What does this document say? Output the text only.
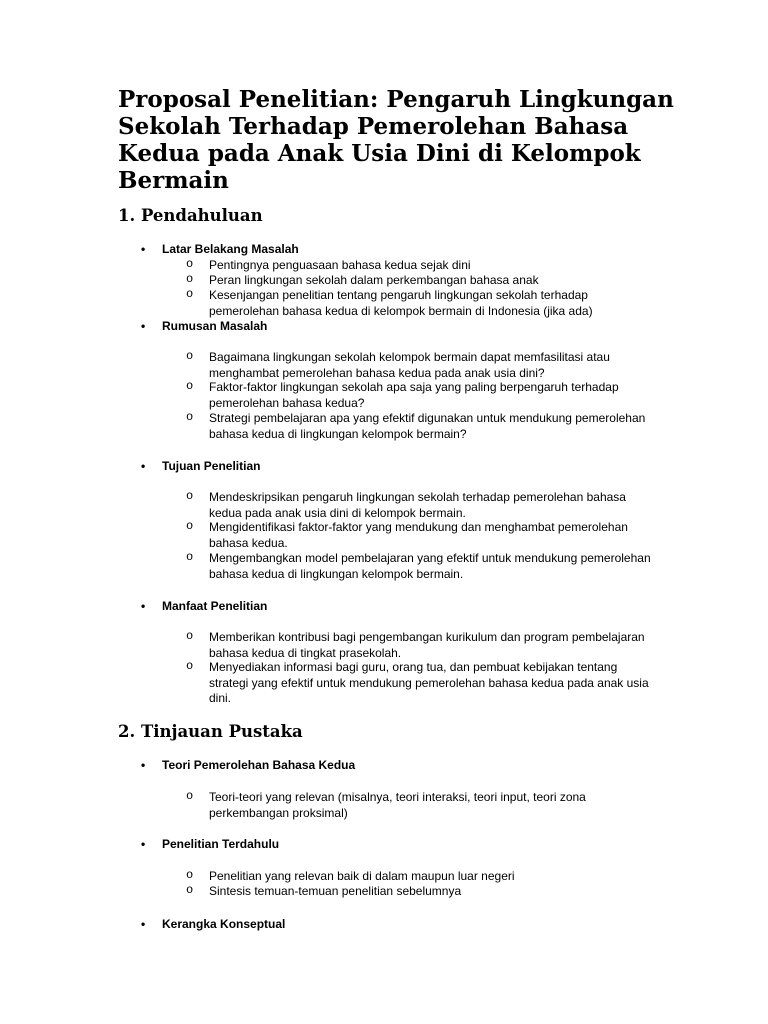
Proposal Penelitian: Pengaruh Lingkungan Sekolah Terhadap Pemerolehan Bahasa Kedua pada Anak Usia Dini di Kelompok Bermain
1. Pendahuluan

• Latar Belakang Masalah

o Pentingnya penguasaan bahasa kedua sejak dini

o Peran lingkungan sekolah dalam perkembangan bahasa anak

o Kesenjangan penelitian tentang pengaruh lingkungan sekolah terhadap pemerolehan bahasa kedua di kelompok bermain di Indonesia (jika ada)

• Rumusan Masalah

o Bagaimana lingkungan sekolah kelompok bermain dapat memfasilitasi atau menghambat pemerolehan bahasa kedua pada anak usia dini?

o Faktor-faktor lingkungan sekolah apa saja yang paling berpengaruh terhadap pemerolehan bahasa kedua?

o Strategi pembelajaran apa yang efektif digunakan untuk mendukung pemerolehan bahasa kedua di lingkungan kelompok bermain?

• Tujuan Penelitian

o Mendeskripsikan pengaruh lingkungan sekolah terhadap pemerolehan bahasa kedua pada anak usia dini di kelompok bermain.

o Mengidentifikasi faktor-faktor yang mendukung dan menghambat pemerolehan bahasa kedua.

o Mengembangkan model pembelajaran yang efektif untuk mendukung pemerolehan bahasa kedua di lingkungan kelompok bermain.

• Manfaat Penelitian

o Memberikan kontribusi bagi pengembangan kurikulum dan program pembelajaran bahasa kedua di tingkat prasekolah.

o Menyediakan informasi bagi guru, orang tua, dan pembuat kebijakan tentang strategi yang efektif untuk mendukung pemerolehan bahasa kedua pada anak usia dini.

2. Tinjauan Pustaka

• Teori Pemerolehan Bahasa Kedua

o Teori-teori yang relevan (misalnya, teori interaksi, teori input, teori zona perkembangan proksimal)

• Penelitian Terdahulu

o Penelitian yang relevan baik di dalam maupun luar negeri

o Sintesis temuan-temuan penelitian sebelumnya

• Kerangka Konseptual
